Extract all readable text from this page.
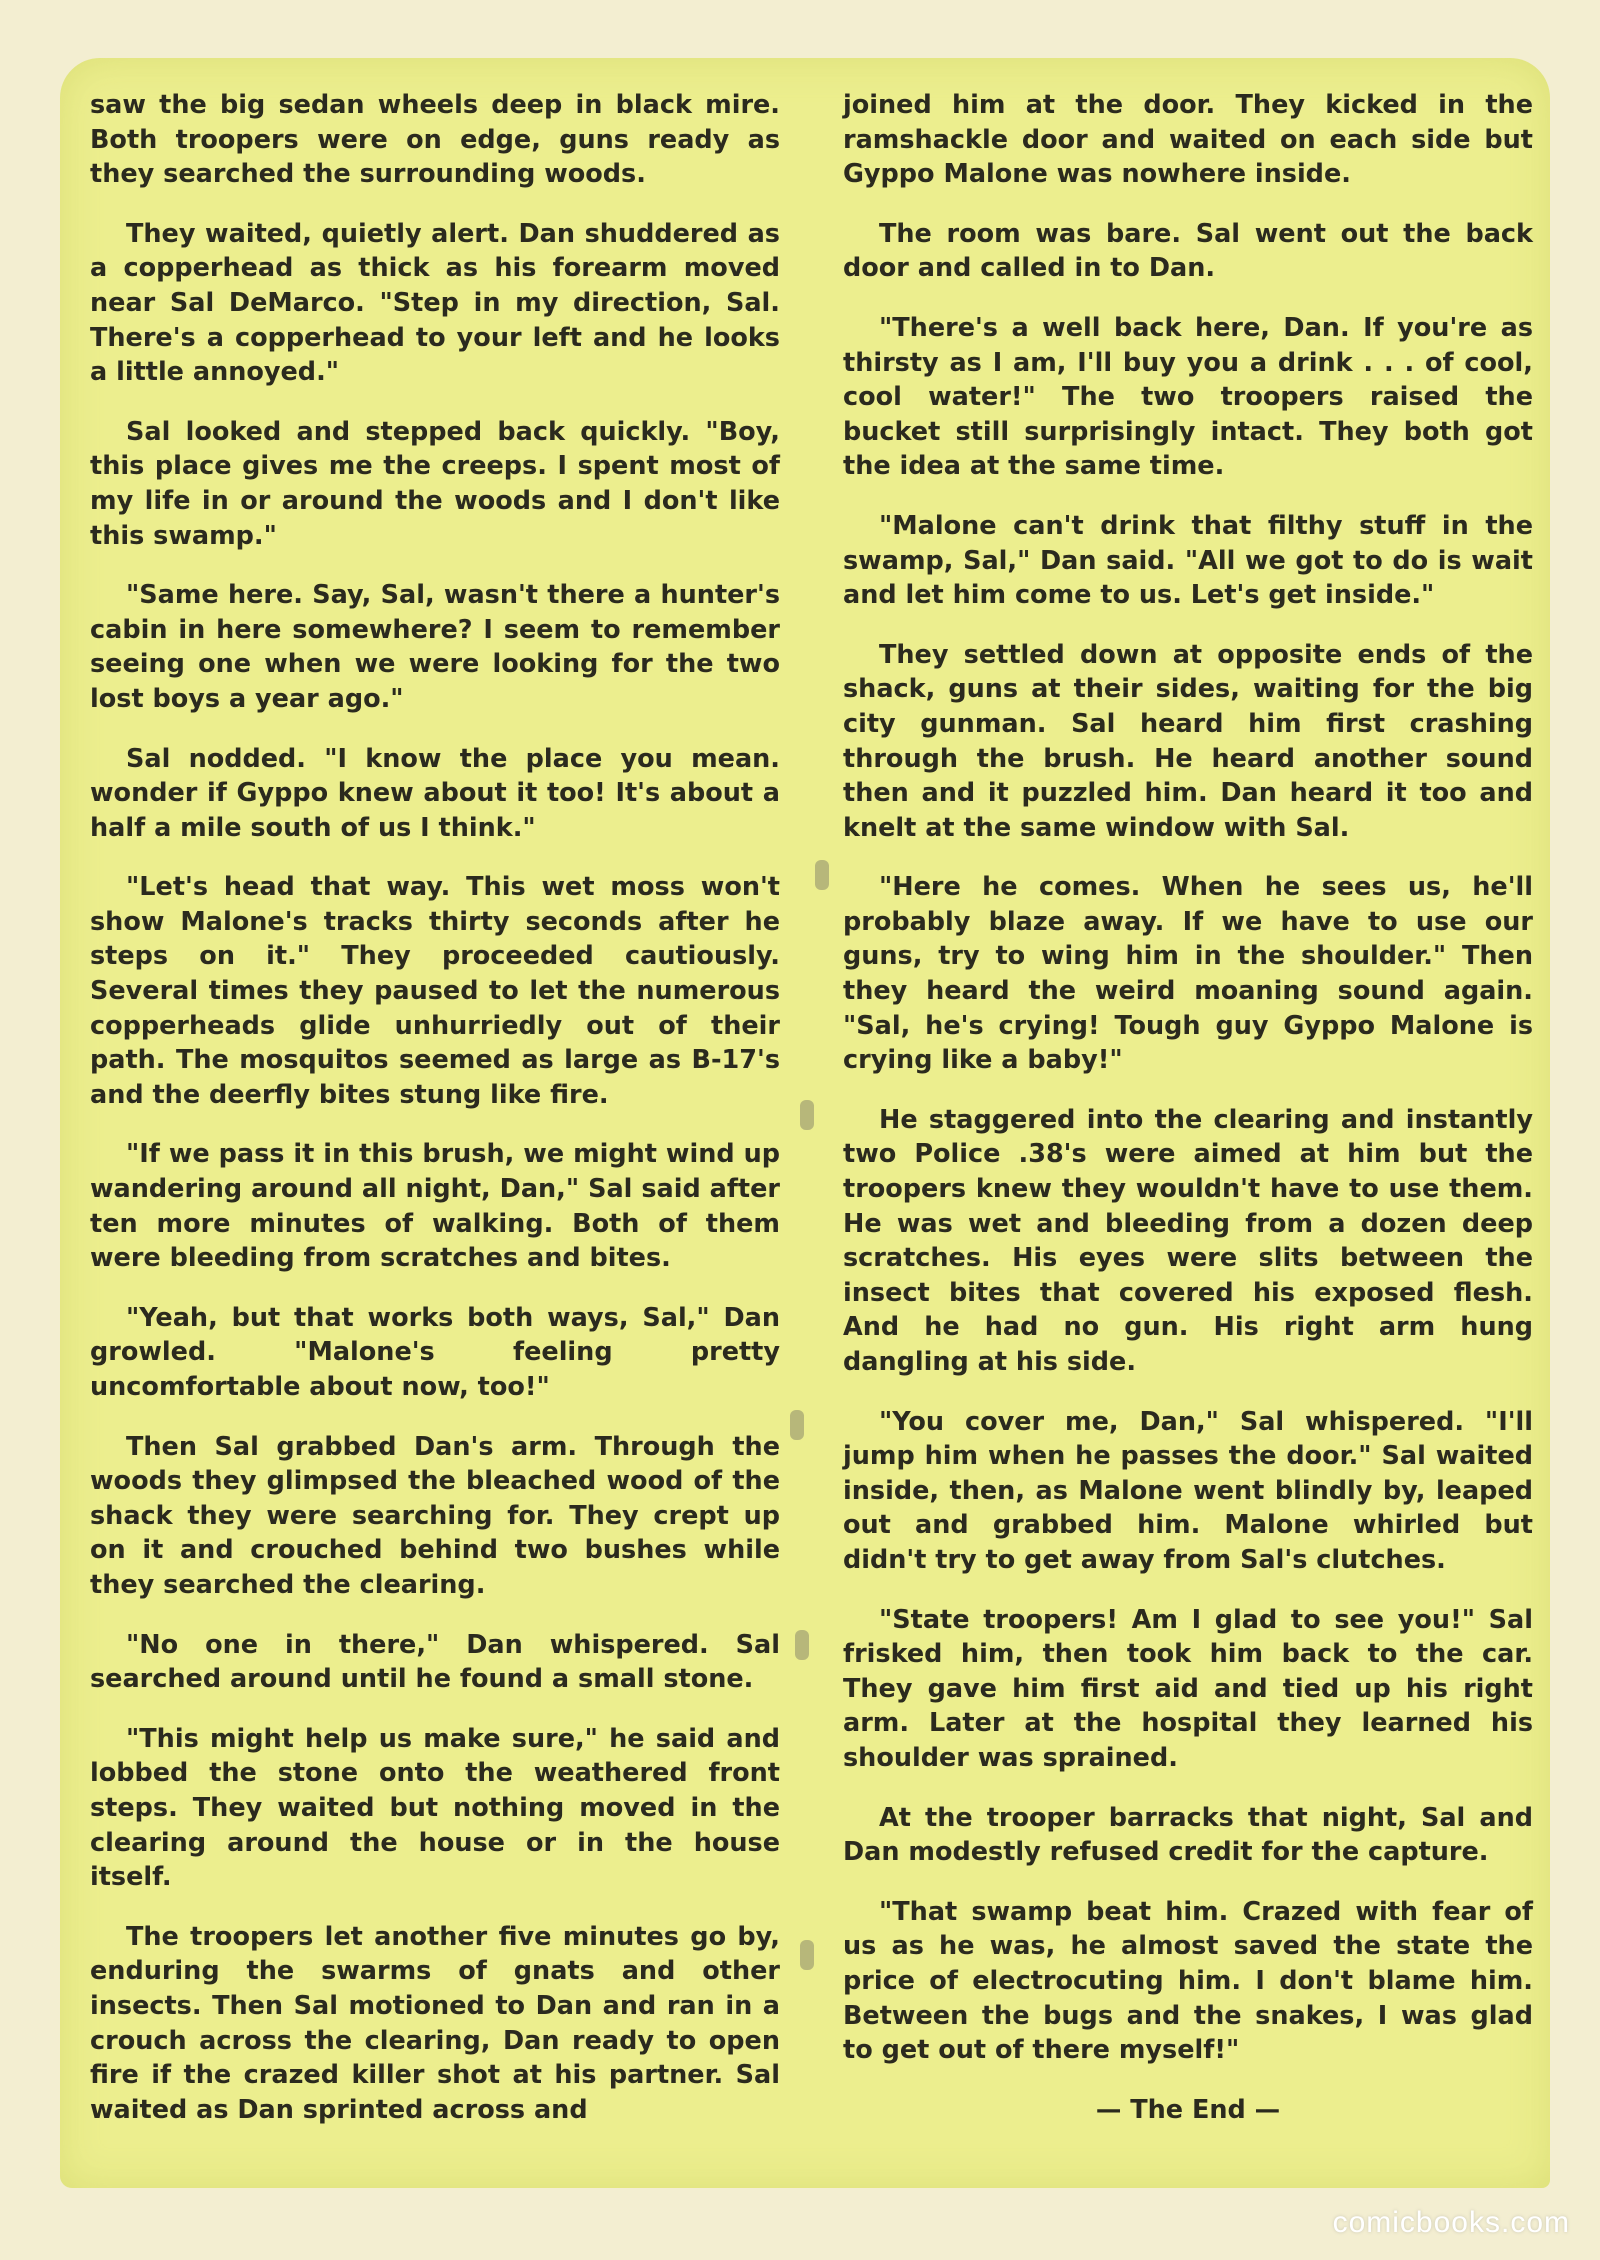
saw the big sedan wheels deep in black mire. Both troopers were on edge, guns ready as they searched the surrounding woods.

They waited, quietly alert. Dan shuddered as a copperhead as thick as his forearm moved near Sal DeMarco. "Step in my direction, Sal. There's a copperhead to your left and he looks a little annoyed."

Sal looked and stepped back quickly. "Boy, this place gives me the creeps. I spent most of my life in or around the woods and I don't like this swamp."

"Same here. Say, Sal, wasn't there a hunter's cabin in here somewhere? I seem to remember seeing one when we were looking for the two lost boys a year ago."

Sal nodded. "I know the place you mean. wonder if Gyppo knew about it too! It's about a half a mile south of us I think."

"Let's head that way. This wet moss won't show Malone's tracks thirty seconds after he steps on it." They proceeded cautiously. Several times they paused to let the numerous copperheads glide unhurriedly out of their path. The mosquitos seemed as large as B-17's and the deerfly bites stung like fire.

"If we pass it in this brush, we might wind up wandering around all night, Dan," Sal said after ten more minutes of walking. Both of them were bleeding from scratches and bites.

"Yeah, but that works both ways, Sal," Dan growled. "Malone's feeling pretty uncomfortable about now, too!"

Then Sal grabbed Dan's arm. Through the woods they glimpsed the bleached wood of the shack they were searching for. They crept up on it and crouched behind two bushes while they searched the clearing.

"No one in there," Dan whispered. Sal searched around until he found a small stone.

"This might help us make sure," he said and lobbed the stone onto the weathered front steps. They waited but nothing moved in the clearing around the house or in the house itself.

The troopers let another five minutes go by, enduring the swarms of gnats and other insects. Then Sal motioned to Dan and ran in a crouch across the clearing, Dan ready to open fire if the crazed killer shot at his partner. Sal waited as Dan sprinted across and

joined him at the door. They kicked in the ramshackle door and waited on each side but Gyppo Malone was nowhere inside.

The room was bare. Sal went out the back door and called in to Dan.

"There's a well back here, Dan. If you're as thirsty as I am, I'll buy you a drink . . . of cool, cool water!" The two troopers raised the bucket still surprisingly intact. They both got the idea at the same time.

"Malone can't drink that filthy stuff in the swamp, Sal," Dan said. "All we got to do is wait and let him come to us. Let's get inside."

They settled down at opposite ends of the shack, guns at their sides, waiting for the big city gunman. Sal heard him first crashing through the brush. He heard another sound then and it puzzled him. Dan heard it too and knelt at the same window with Sal.

"Here he comes. When he sees us, he'll probably blaze away. If we have to use our guns, try to wing him in the shoulder." Then they heard the weird moaning sound again. "Sal, he's crying! Tough guy Gyppo Malone is crying like a baby!"

He staggered into the clearing and instantly two Police .38's were aimed at him but the troopers knew they wouldn't have to use them. He was wet and bleeding from a dozen deep scratches. His eyes were slits between the insect bites that covered his exposed flesh. And he had no gun. His right arm hung dangling at his side.

"You cover me, Dan," Sal whispered. "I'll jump him when he passes the door." Sal waited inside, then, as Malone went blindly by, leaped out and grabbed him. Malone whirled but didn't try to get away from Sal's clutches.

"State troopers! Am I glad to see you!" Sal frisked him, then took him back to the car. They gave him first aid and tied up his right arm. Later at the hospital they learned his shoulder was sprained.

At the trooper barracks that night, Sal and Dan modestly refused credit for the capture.

"That swamp beat him. Crazed with fear of us as he was, he almost saved the state the price of electrocuting him. I don't blame him. Between the bugs and the snakes, I was glad to get out of there myself!"

— The End —

comicbooks.com
